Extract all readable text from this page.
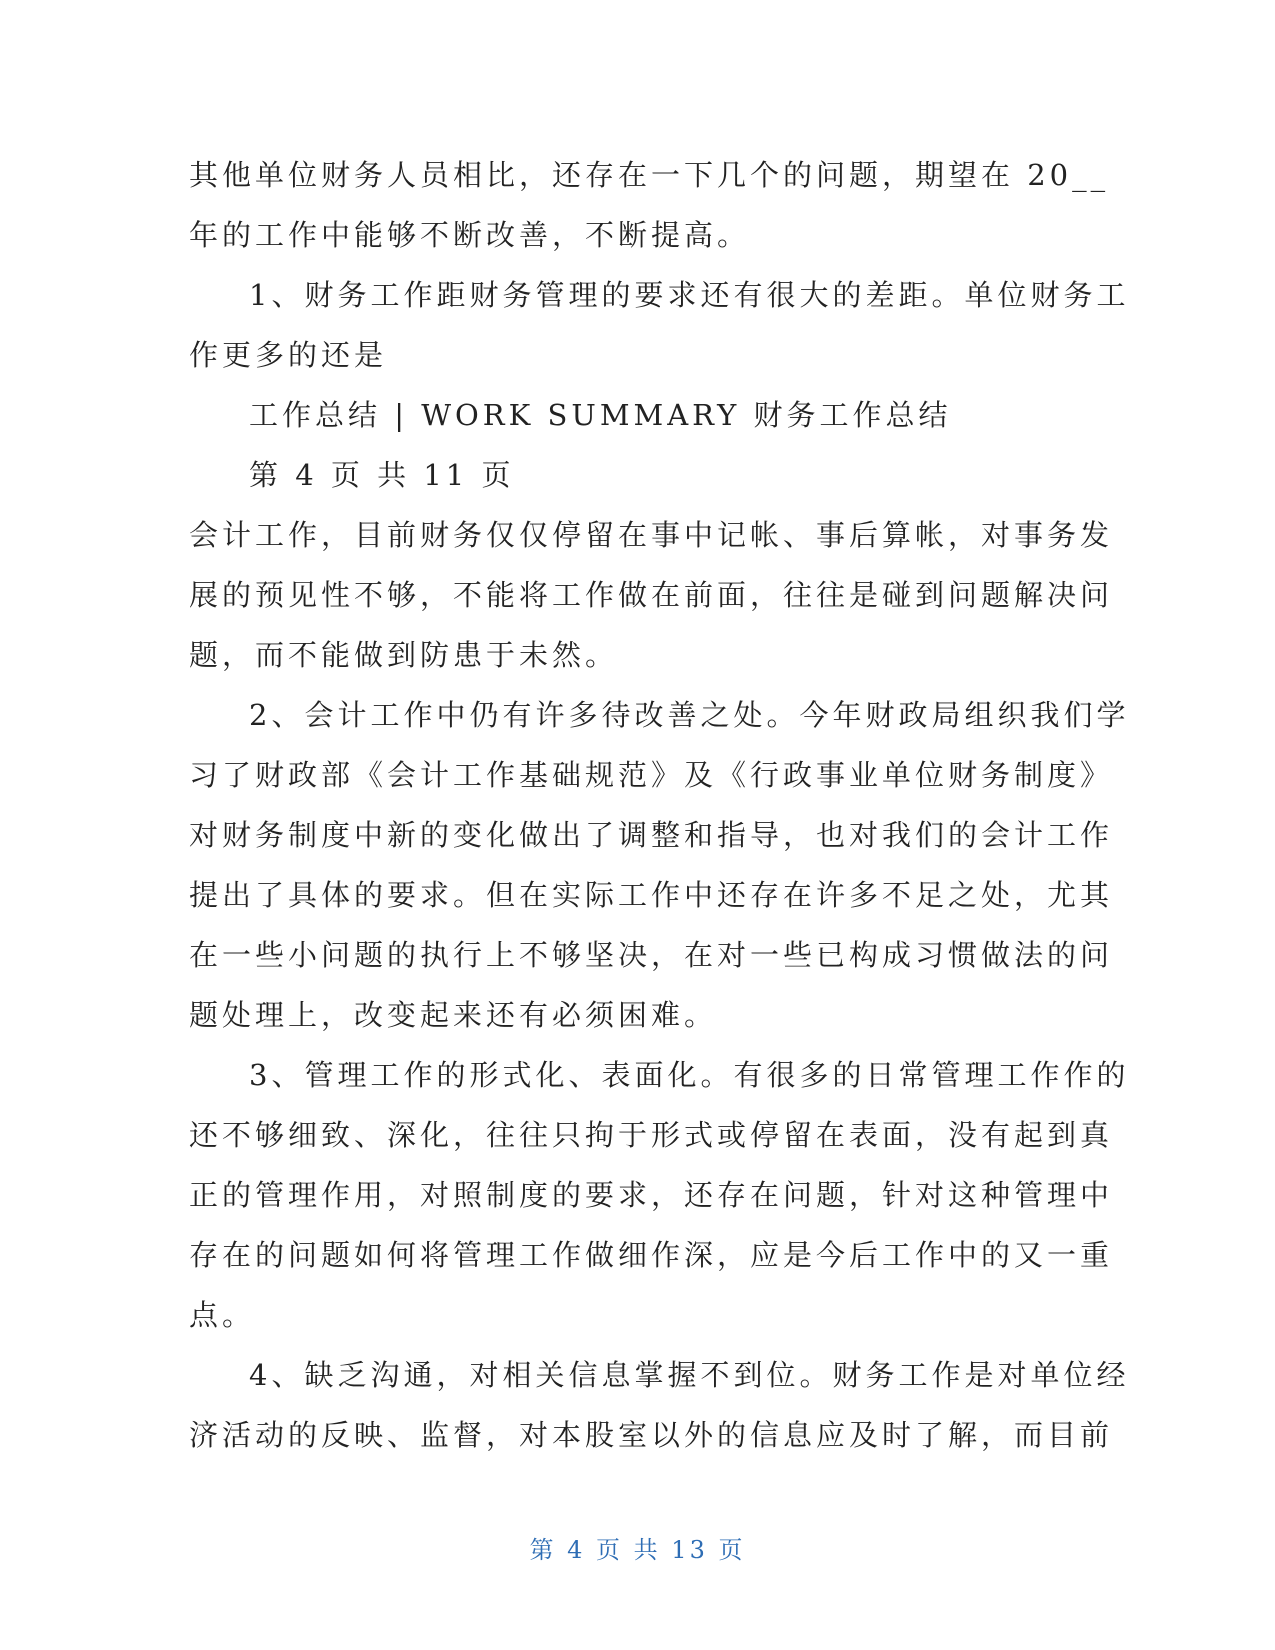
其他单位财务人员相比，还存在一下几个的问题，期望在 20__
年的工作中能够不断改善，不断提高。
1、财务工作距财务管理的要求还有很大的差距。单位财务工
作更多的还是
工作总结 | WORK SUMMARY 财务工作总结
第 4 页 共 11 页
会计工作，目前财务仅仅停留在事中记帐、事后算帐，对事务发
展的预见性不够，不能将工作做在前面，往往是碰到问题解决问
题，而不能做到防患于未然。
2、会计工作中仍有许多待改善之处。今年财政局组织我们学
习了财政部《会计工作基础规范》及《行政事业单位财务制度》
对财务制度中新的变化做出了调整和指导，也对我们的会计工作
提出了具体的要求。但在实际工作中还存在许多不足之处，尤其
在一些小问题的执行上不够坚决，在对一些已构成习惯做法的问
题处理上，改变起来还有必须困难。
3、管理工作的形式化、表面化。有很多的日常管理工作作的
还不够细致、深化，往往只拘于形式或停留在表面，没有起到真
正的管理作用，对照制度的要求，还存在问题，针对这种管理中
存在的问题如何将管理工作做细作深，应是今后工作中的又一重
点。
4、缺乏沟通，对相关信息掌握不到位。财务工作是对单位经
济活动的反映、监督，对本股室以外的信息应及时了解，而目前
第 4 页 共 13 页
